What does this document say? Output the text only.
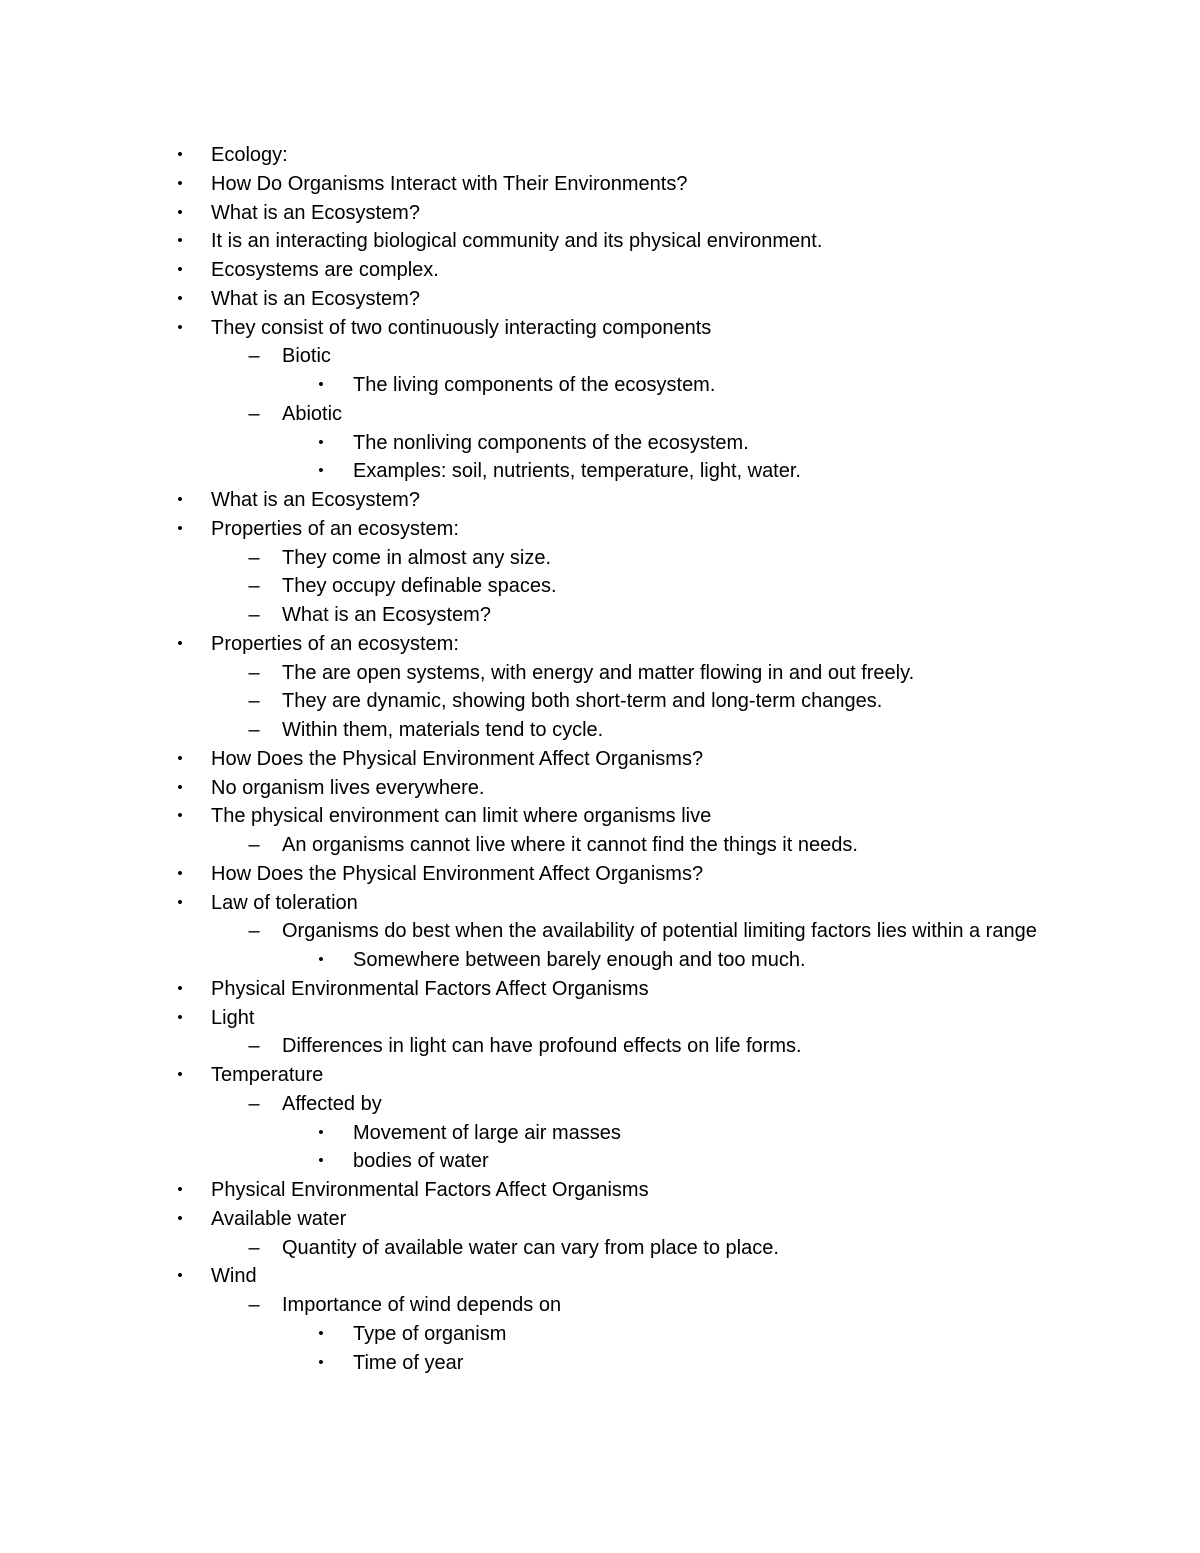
•	Ecology:
•	How Do Organisms Interact with Their Environments?
•	What is an Ecosystem?
•	It is an interacting biological community and its physical environment.
•	Ecosystems are complex.
•	What is an Ecosystem?
•	They consist of two continuously interacting components
– Biotic
•	The living components of the ecosystem.
– Abiotic
•	The nonliving components of the ecosystem.
•	Examples: soil, nutrients, temperature, light, water.
•	What is an Ecosystem?
•	Properties of an ecosystem:
– They come in almost any size.
– They occupy definable spaces.
– What is an Ecosystem?
•	Properties of an ecosystem:
– The are open systems, with energy and matter flowing in and out freely.
– They are dynamic, showing both short-term and long-term changes.
– Within them, materials tend to cycle.
•	How Does the Physical Environment Affect Organisms?
•	No organism lives everywhere.
•	The physical environment can limit where organisms live
– An organisms cannot live where it cannot find the things it needs.
•	How Does the Physical Environment Affect Organisms?
•	Law of toleration
– Organisms do best when the availability of potential limiting factors lies within a range
•	Somewhere between barely enough and too much.
•	Physical Environmental Factors Affect Organisms
•	Light
– Differences in light can have profound effects on life forms.
•	Temperature
– Affected by
•	Movement of large air masses
•	bodies of water
•	Physical Environmental Factors Affect Organisms
•	Available water
– Quantity of available water can vary from place to place.
•	Wind
– Importance of wind depends on
•	Type of organism
•	Time of year
